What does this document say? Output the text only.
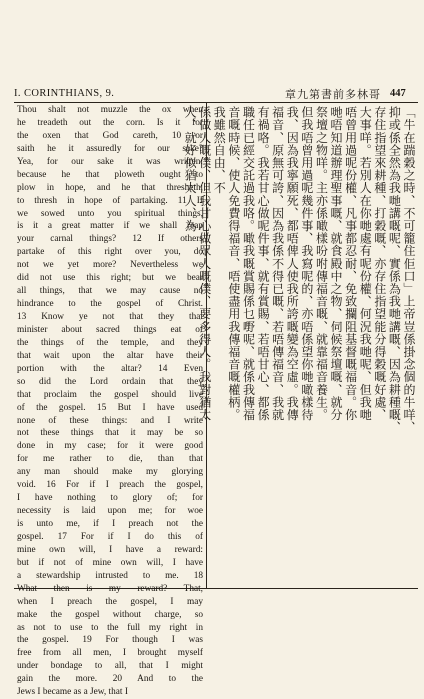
I. CORINTHIANS, 9.	章九第書前多林哥 447
Thou shalt not muzzle the ox when
he treadeth out the corn. Is it for
the oxen that God careth, 10 or
saith he it assuredly for our sake?
Yea, for our sake it was written:
because he that ploweth ought to
plow in hope, and he that thresheth,
to thresh in hope of partaking. 11 If
we sowed unto you spiritual things,
is it a great matter if we shall reap
your carnal things? 12 If others
partake of this right over you, do
not we yet more? Nevertheless we
did not use this right; but we bear
all things, that we may cause no
hindrance to the gospel of Christ.
13 Know ye not that they that
minister about sacred things eat of
the things of the temple, and they
that wait upon the altar have their
portion with the altar? 14 Even
so did the Lord ordain that they
that proclaim the gospel should live
of the gospel. 15 But I have used
none of these things: and I write
not these things that it may be so
done in my case; for it were good
for me rather to die, than that
any man should make my glorying
void. 16 For if I preach the gospel,
I have nothing to glory of; for
necessity is laid upon me; for woe
is unto me, if I preach not the
gospel. 17 For if I do this of
mine own will, I have a reward:
but if not of mine own will, I have
a stewardship intrusted to me. 18
What then is my reward? That,
when I preach the gospel, I may
make the gospel without charge, so
as not to use to the full my right in
the gospel. 19 For though I was
free from all men, I brought myself
under bondage to all, that I might
gain the more. 20 And to the
Jews I became as a Jew, that I
「牛在踹穀之時、不可籠住佢口」上帝豈係掛念個的牛咩、
抑或係全然為我哋講嘅呢、實係為我哋講嘅、因為耕種嘅、
存住指望來耕種、打穀嘅、亦存住指望能分得穀嘅好處、
大事咩。若別人在你哋處有呢份權、何況我哋呢、但我哋
唔曾用過呢份權、凡事都忍耐、免致攔阻基督嘅福音。你
哋唔知道辦理聖事嘅、就食殿中之物、伺候祭壇嘅、就分
祭壇之物咩。主亦係噉樣吩咐傳福音嘅、就靠福音養生。
但我唔曾用過呢幾件事、我寫呢的、亦唔係望你哋噉樣待
我、因為我寧願死、都唔俾人使我所誇嘅變為空虛。我傳
福音、原無可誇、因為我係不得已嘅、若唔傳福音、我就
有禍咯。我若甘心做呢件事、就有賞賜、若唔甘心、都係
職任已經交託過我咯。噉我嘅賞賜係乜嘢呢、就係我傳福
音嘅時候、使人免費得福音、唔使盡用我傳福音嘅權柄。
我雖然自由、不
係做人嘅僕、但我甘心做眾人嘅僕、要多得人。我對猶太
人、就好似猶太人、為
